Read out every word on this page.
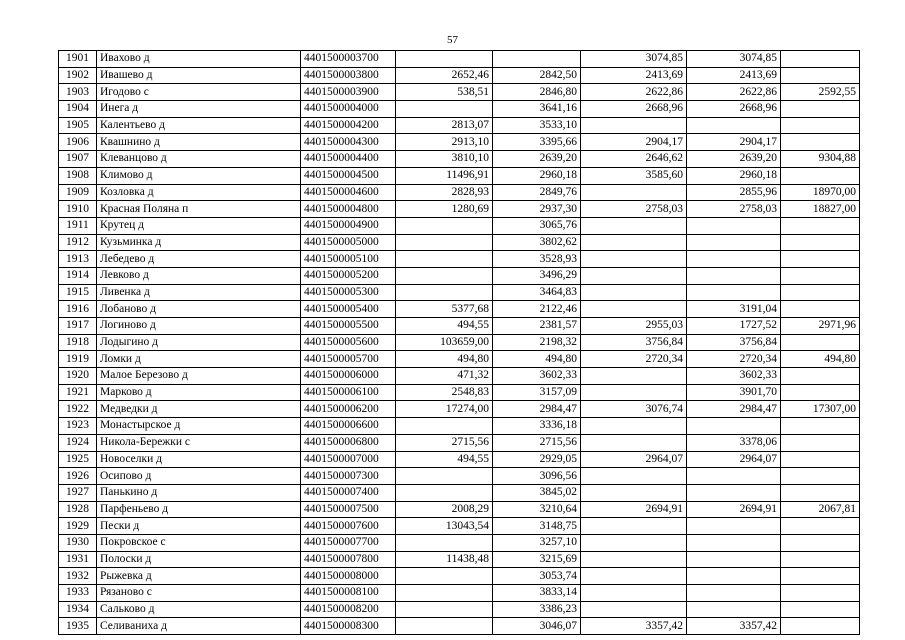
57
1901	Ивахово д	4401500003700			3074,85	3074,85	
1902	Ивашево д	4401500003800	2652,46	2842,50	2413,69	2413,69	
1903	Игодово с	4401500003900	538,51	2846,80	2622,86	2622,86	2592,55
1904	Инега д	4401500004000		3641,16	2668,96	2668,96	
1905	Калентьево д	4401500004200	2813,07	3533,10			
1906	Квашнино д	4401500004300	2913,10	3395,66	2904,17	2904,17	
1907	Клеванцово д	4401500004400	3810,10	2639,20	2646,62	2639,20	9304,88
1908	Климово д	4401500004500	11496,91	2960,18	3585,60	2960,18	
1909	Козловка д	4401500004600	2828,93	2849,76		2855,96	18970,00
1910	Красная Поляна п	4401500004800	1280,69	2937,30	2758,03	2758,03	18827,00
1911	Крутец д	4401500004900		3065,76			
1912	Кузьминка д	4401500005000		3802,62			
1913	Лебедево д	4401500005100		3528,93			
1914	Левково д	4401500005200		3496,29			
1915	Ливенка д	4401500005300		3464,83			
1916	Лобаново д	4401500005400	5377,68	2122,46		3191,04	
1917	Логиново д	4401500005500	494,55	2381,57	2955,03	1727,52	2971,96
1918	Лодыгино д	4401500005600	103659,00	2198,32	3756,84	3756,84	
1919	Ломки д	4401500005700	494,80	494,80	2720,34	2720,34	494,80
1920	Малое Березово д	4401500006000	471,32	3602,33		3602,33	
1921	Марково д	4401500006100	2548,83	3157,09		3901,70	
1922	Медведки д	4401500006200	17274,00	2984,47	3076,74	2984,47	17307,00
1923	Монастырское д	4401500006600		3336,18			
1924	Никола-Бережки с	4401500006800	2715,56	2715,56		3378,06	
1925	Новоселки д	4401500007000	494,55	2929,05	2964,07	2964,07	
1926	Осипово д	4401500007300		3096,56			
1927	Панькино д	4401500007400		3845,02			
1928	Парфеньево д	4401500007500	2008,29	3210,64	2694,91	2694,91	2067,81
1929	Пески д	4401500007600	13043,54	3148,75			
1930	Покровское с	4401500007700		3257,10			
1931	Полоски д	4401500007800	11438,48	3215,69			
1932	Рыжевка д	4401500008000		3053,74			
1933	Рязаново с	4401500008100		3833,14			
1934	Сальково д	4401500008200		3386,23			
1935	Селиваниха д	4401500008300		3046,07	3357,42	3357,42	
